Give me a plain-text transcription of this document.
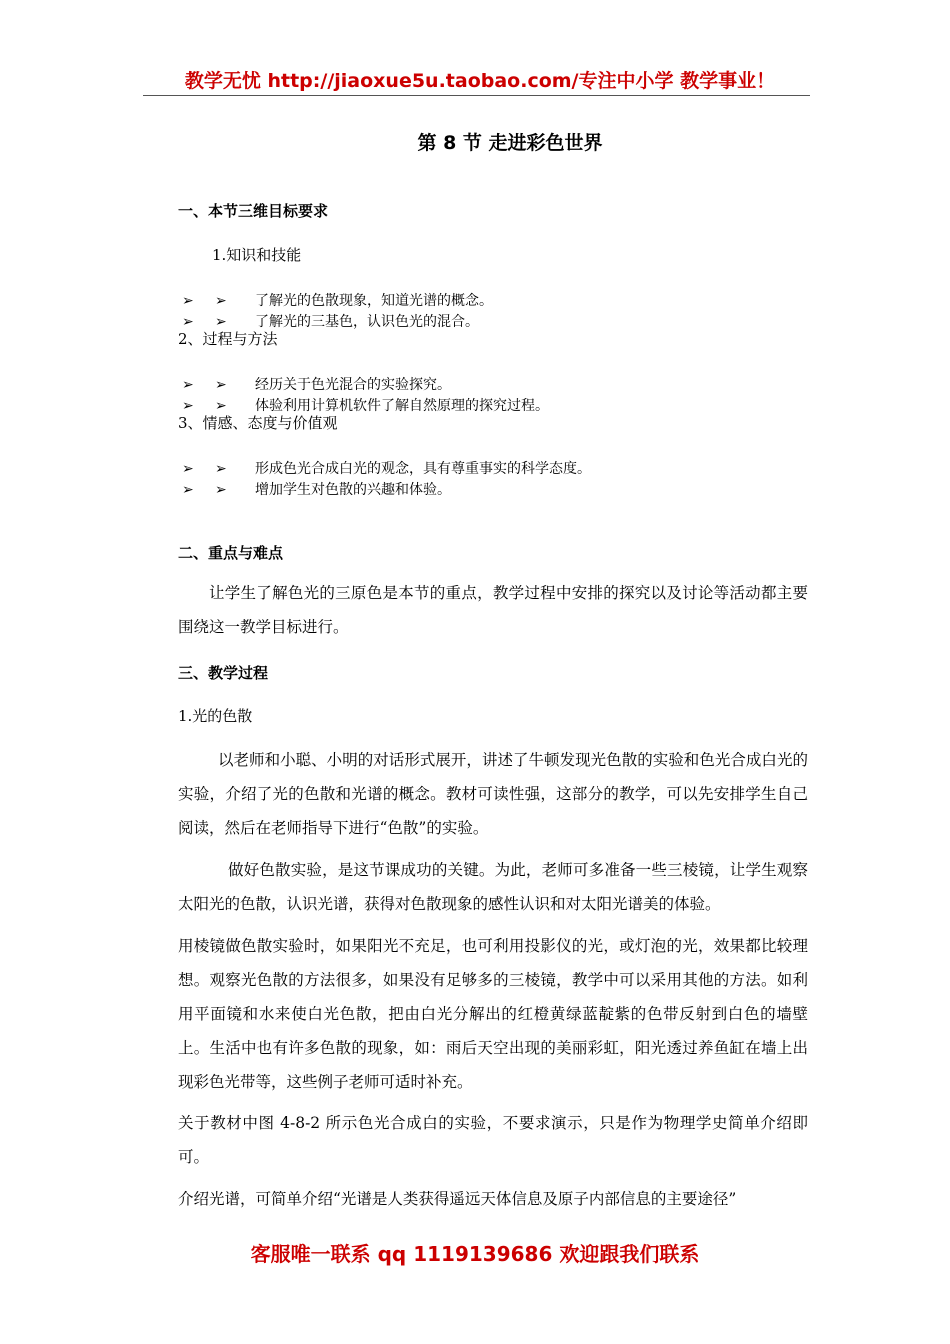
教学无忧 http://jiaoxue5u.taobao.com/专注中小学 教学事业！
第 8 节 走进彩色世界
一、本节三维目标要求
1.知识和技能
➢ ➢ 了解光的色散现象，知道光谱的概念。
➢ ➢ 了解光的三基色，认识色光的混合。
2、过程与方法
➢ ➢ 经历关于色光混合的实验探究。
➢ ➢ 体验利用计算机软件了解自然原理的探究过程。
3、情感、态度与价值观
➢ ➢ 形成色光合成白光的观念，具有尊重事实的科学态度。
➢ ➢ 增加学生对色散的兴趣和体验。
二、重点与难点
让学生了解色光的三原色是本节的重点，教学过程中安排的探究以及讨论等活动都主要围绕这一教学目标进行。
三、教学过程
1.光的色散
以老师和小聪、小明的对话形式展开，讲述了牛顿发现光色散的实验和色光合成白光的实验，介绍了光的色散和光谱的概念。教材可读性强，这部分的教学，可以先安排学生自己阅读，然后在老师指导下进行“色散”的实验。
做好色散实验，是这节课成功的关键。为此，老师可多准备一些三棱镜，让学生观察太阳光的色散，认识光谱，获得对色散现象的感性认识和对太阳光谱美的体验。
用棱镜做色散实验时，如果阳光不充足，也可利用投影仪的光，或灯泡的光，效果都比较理想。观察光色散的方法很多，如果没有足够多的三棱镜，教学中可以采用其他的方法。如利用平面镜和水来使白光色散，把由白光分解出的红橙黄绿蓝靛紫的色带反射到白色的墙壁上。生活中也有许多色散的现象，如：雨后天空出现的美丽彩虹，阳光透过养鱼缸在墙上出现彩色光带等，这些例子老师可适时补充。
关于教材中图 4-8-2 所示色光合成白的实验，不要求演示，只是作为物理学史简单介绍即可。
介绍光谱，可简单介绍“光谱是人类获得遥远天体信息及原子内部信息的主要途径”
客服唯一联系 qq 1119139686 欢迎跟我们联系
